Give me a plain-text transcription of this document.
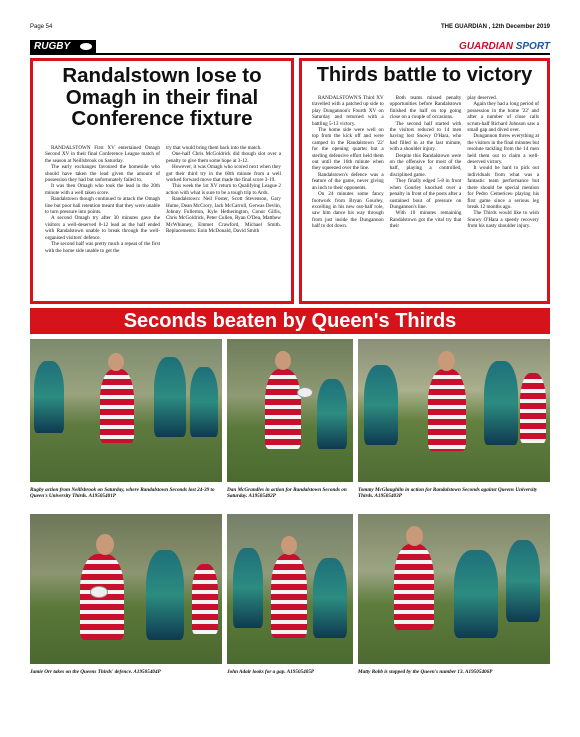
Page 54	THE GUARDIAN , 12th December 2019
RUGBY	GUARDIAN SPORT
Randalstown lose to Omagh in their final Conference fixture

RANDALSTOWN First XV entertained Omagh Second XV in their final Conference League match of the season at Neillsbrook on Saturday.

The early exchanges favoured the homeside who should have taken the lead given the amount of possession they had but unfortunately failed to.

It was then Omagh who took the lead in the 20th minute with a well taken score.

Randalstown though continued to attack the Omagh line but poor ball retention meant that they were unable to turn pressure into points.

A second Omagh try after 30 minutes gave the visitors a well-deserved 0-12 lead as the half ended with Randalstown unable to break through the well-organised visitors' defence.

The second half was pretty much a repeat of the first with the home side unable to get the

try that would bring them back into the match.

One-half Chris McGoldrick did though slot over a penalty to give them some hope at 3-12.

However, it was Omagh who scored next when they got their third try in the 60th minute from a well worked forward move that made the final score 3-19.

This week the 1st XV return to Qualifying League 2 action with what is sure to be a tough trip to Ards.

Randalstown: Neil Foster, Scott Stevenson, Gary Hume, Dean McCrory, Jack McCarroll, Gerwas Devlin, Johnny Fullerton, Kyle Hetherington, Conor Gillis, Chris McGoldrick, Peter Cullen, Ryan O'Dea, Matthew McWhinney, Emmet Crawford, Michael Smith. Replacements: Eoin McDonald, David Smith

Thirds battle to victory

RANDALSTOWN'S Third XV travelled with a patched up side to play Dungannon's Fourth XV on Saturday and returned with a battling 5-13 victory.

The home side were well on top from the kick off and were camped in the Randalstown '22' for the opening quarter but a sterling defensive effort held them out until the 16th minute when they squeezed over the line.

Randalstown's defence was a feature of the game, never giving an inch to their opponents.

On 24 minutes some fancy footwork from Bryan Gourley, excelling in his new out-half role, saw him dance his way through from just inside the Dungannon half to dot down.

Both teams missed penalty opportunities before Randalstown finished the half on top going close on a couple of occasions.

The second half started with the visitors reduced to 14 men having lost Snowy O'Hara, who had filled in at the last minute, with a shoulder injury.

Despite this Randalstown were on the offensive for most of the half, playing a controlled, disciplined game.

They finally edged 5-8 in front when Gourley knocked over a penalty in front of the posts after a sustained bout of pressure on Dungannon's line.

With 10 minutes remaining Randalstown got the vital try that their

play deserved.

Again they had a long period of possession in the home '22' and after a number of close calls scrum-half Richard Johnson saw a small gap and dived over.

Dungannon threw everything at the visitors in the final minutes but resolute tackling from the 14 men held them out to claim a well-deserved victory.

It would be hard to pick out individuals from what was a fantastic team performance but there should be special mention for Pedro Cemericeu playing his first game since a serious leg break 12 months ago.

The Thirds would like to wish Snowy O'Hara a speedy recovery from his nasty shoulder injury.

Seconds beaten by Queen's Thirds
Rugby action from Neillsbrook on Saturday, where Randalstown Seconds lost 24-39 to Queen's University Thirds. A19505401P
Dan McGrandles in action for Randalstown Seconds on Saturday. A19505402P
Tommy McGlaughlin in action for Randalstown Seconds against Queens University Thirds. A19505403P
Jamie Orr takes on the Queens Thirds' defence. A19505404P	John Adair looks for a gap. A19505405P	Matty Robb is stopped by the Queen's number 13. A19505406P
